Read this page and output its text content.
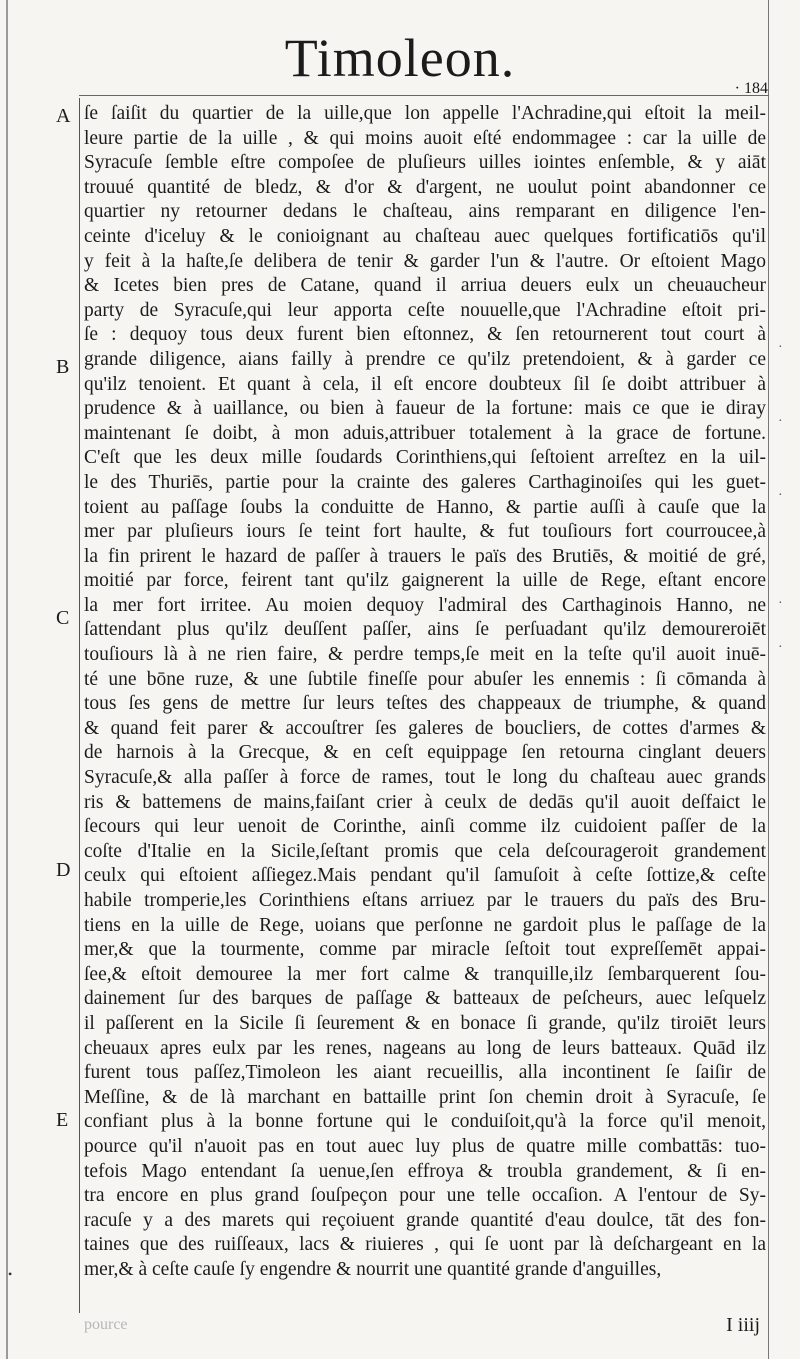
Timoleon.
· 184
A
B
C
D
E
·
·
·
·
·
•
ſe ſaiſit du quartier de la uille,que lon appelle l'Achradine,qui eſtoit la meil-
leure partie de la uille , & qui moins auoit eſté endommagee : car la uille de
Syracuſe ſemble eſtre compoſee de pluſieurs uilles iointes enſemble, & y aiāt
trouué quantité de bledz, & d'or & d'argent, ne uoulut point abandonner ce
quartier ny retourner dedans le chaſteau, ains remparant en diligence l'en-
ceinte d'iceluy & le conioignant au chaſteau auec quelques fortificatiōs qu'il
y feit à la haſte,ſe delibera de tenir & garder l'un & l'autre. Or eſtoient Mago
& Icetes bien pres de Catane, quand il arriua deuers eulx un cheuaucheur
party de Syracuſe,qui leur apporta ceſte nouuelle,que l'Achradine eſtoit pri-
ſe : dequoy tous deux furent bien eſtonnez, & ſen retournerent tout court à
grande diligence, aians failly à prendre ce qu'ilz pretendoient, & à garder ce
qu'ilz tenoient. Et quant à cela, il eſt encore doubteux ſil ſe doibt attribuer à
prudence & à uaillance, ou bien à faueur de la fortune: mais ce que ie diray
maintenant ſe doibt, à mon aduis,attribuer totalement à la grace de fortune.
C'eſt que les deux mille ſoudards Corinthiens,qui ſeſtoient arreſtez en la uil-
le des Thuriēs, partie pour la crainte des galeres Carthaginoiſes qui les guet-
toient au paſſage ſoubs la conduitte de Hanno, & partie auſſi à cauſe que la
mer par pluſieurs iours ſe teint fort haulte, & fut touſiours fort courroucee,à
la fin prirent le hazard de paſſer à trauers le païs des Brutiēs, & moitié de gré,
moitié par force, feirent tant qu'ilz gaignerent la uille de Rege, eſtant encore
la mer fort irritee. Au moien dequoy l'admiral des Carthaginois Hanno, ne
ſattendant plus qu'ilz deuſſent paſſer, ains ſe perſuadant qu'ilz demoureroiēt
touſiours là à ne rien faire, & perdre temps,ſe meit en la teſte qu'il auoit inuē-
té une bōne ruze, & une ſubtile fineſſe pour abuſer les ennemis : ſi cōmanda à
tous ſes gens de mettre ſur leurs teſtes des chappeaux de triumphe, & quand
& quand feit parer & accouſtrer ſes galeres de boucliers, de cottes d'armes &
de harnois à la Grecque, & en ceſt equippage ſen retourna cinglant deuers
Syracuſe,& alla paſſer à force de rames, tout le long du chaſteau auec grands
ris & battemens de mains,faiſant crier à ceulx de dedās qu'il auoit deſfaict le
ſecours qui leur uenoit de Corinthe, ainſi comme ilz cuidoient paſſer de la
coſte d'Italie en la Sicile,ſeſtant promis que cela deſcourageroit grandement
ceulx qui eſtoient aſſiegez.Mais pendant qu'il ſamuſoit à ceſte ſottize,& ceſte
habile tromperie,les Corinthiens eſtans arriuez par le trauers du païs des Bru-
tiens en la uille de Rege, uoians que perſonne ne gardoit plus le paſſage de la
mer,& que la tourmente, comme par miracle ſeſtoit tout expreſſemēt appai-
ſee,& eſtoit demouree la mer fort calme & tranquille,ilz ſembarquerent ſou-
dainement ſur des barques de paſſage & batteaux de peſcheurs, auec leſquelz
il paſſerent en la Sicile ſi ſeurement & en bonace ſi grande, qu'ilz tiroiēt leurs
cheuaux apres eulx par les renes, nageans au long de leurs batteaux. Quād ilz
furent tous paſſez,Timoleon les aiant recueillis, alla incontinent ſe ſaiſir de
Meſſine, & de là marchant en battaille print ſon chemin droit à Syracuſe, ſe
confiant plus à la bonne fortune qui le conduiſoit,qu'à la force qu'il menoit,
pource qu'il n'auoit pas en tout auec luy plus de quatre mille combattās: tuo-
tefois Mago entendant ſa uenue,ſen effroya & troubla grandement, & ſi en-
tra encore en plus grand ſouſpeçon pour une telle occaſion. A l'entour de Sy-
racuſe y a des marets qui reçoiuent grande quantité d'eau doulce, tāt des fon-
taines que des ruiſſeaux, lacs & riuieres , qui ſe uont par là deſchargeant en la
mer,& à ceſte cauſe ſy engendre & nourrit une quantité grande d'anguilles,
pource	I iiij
